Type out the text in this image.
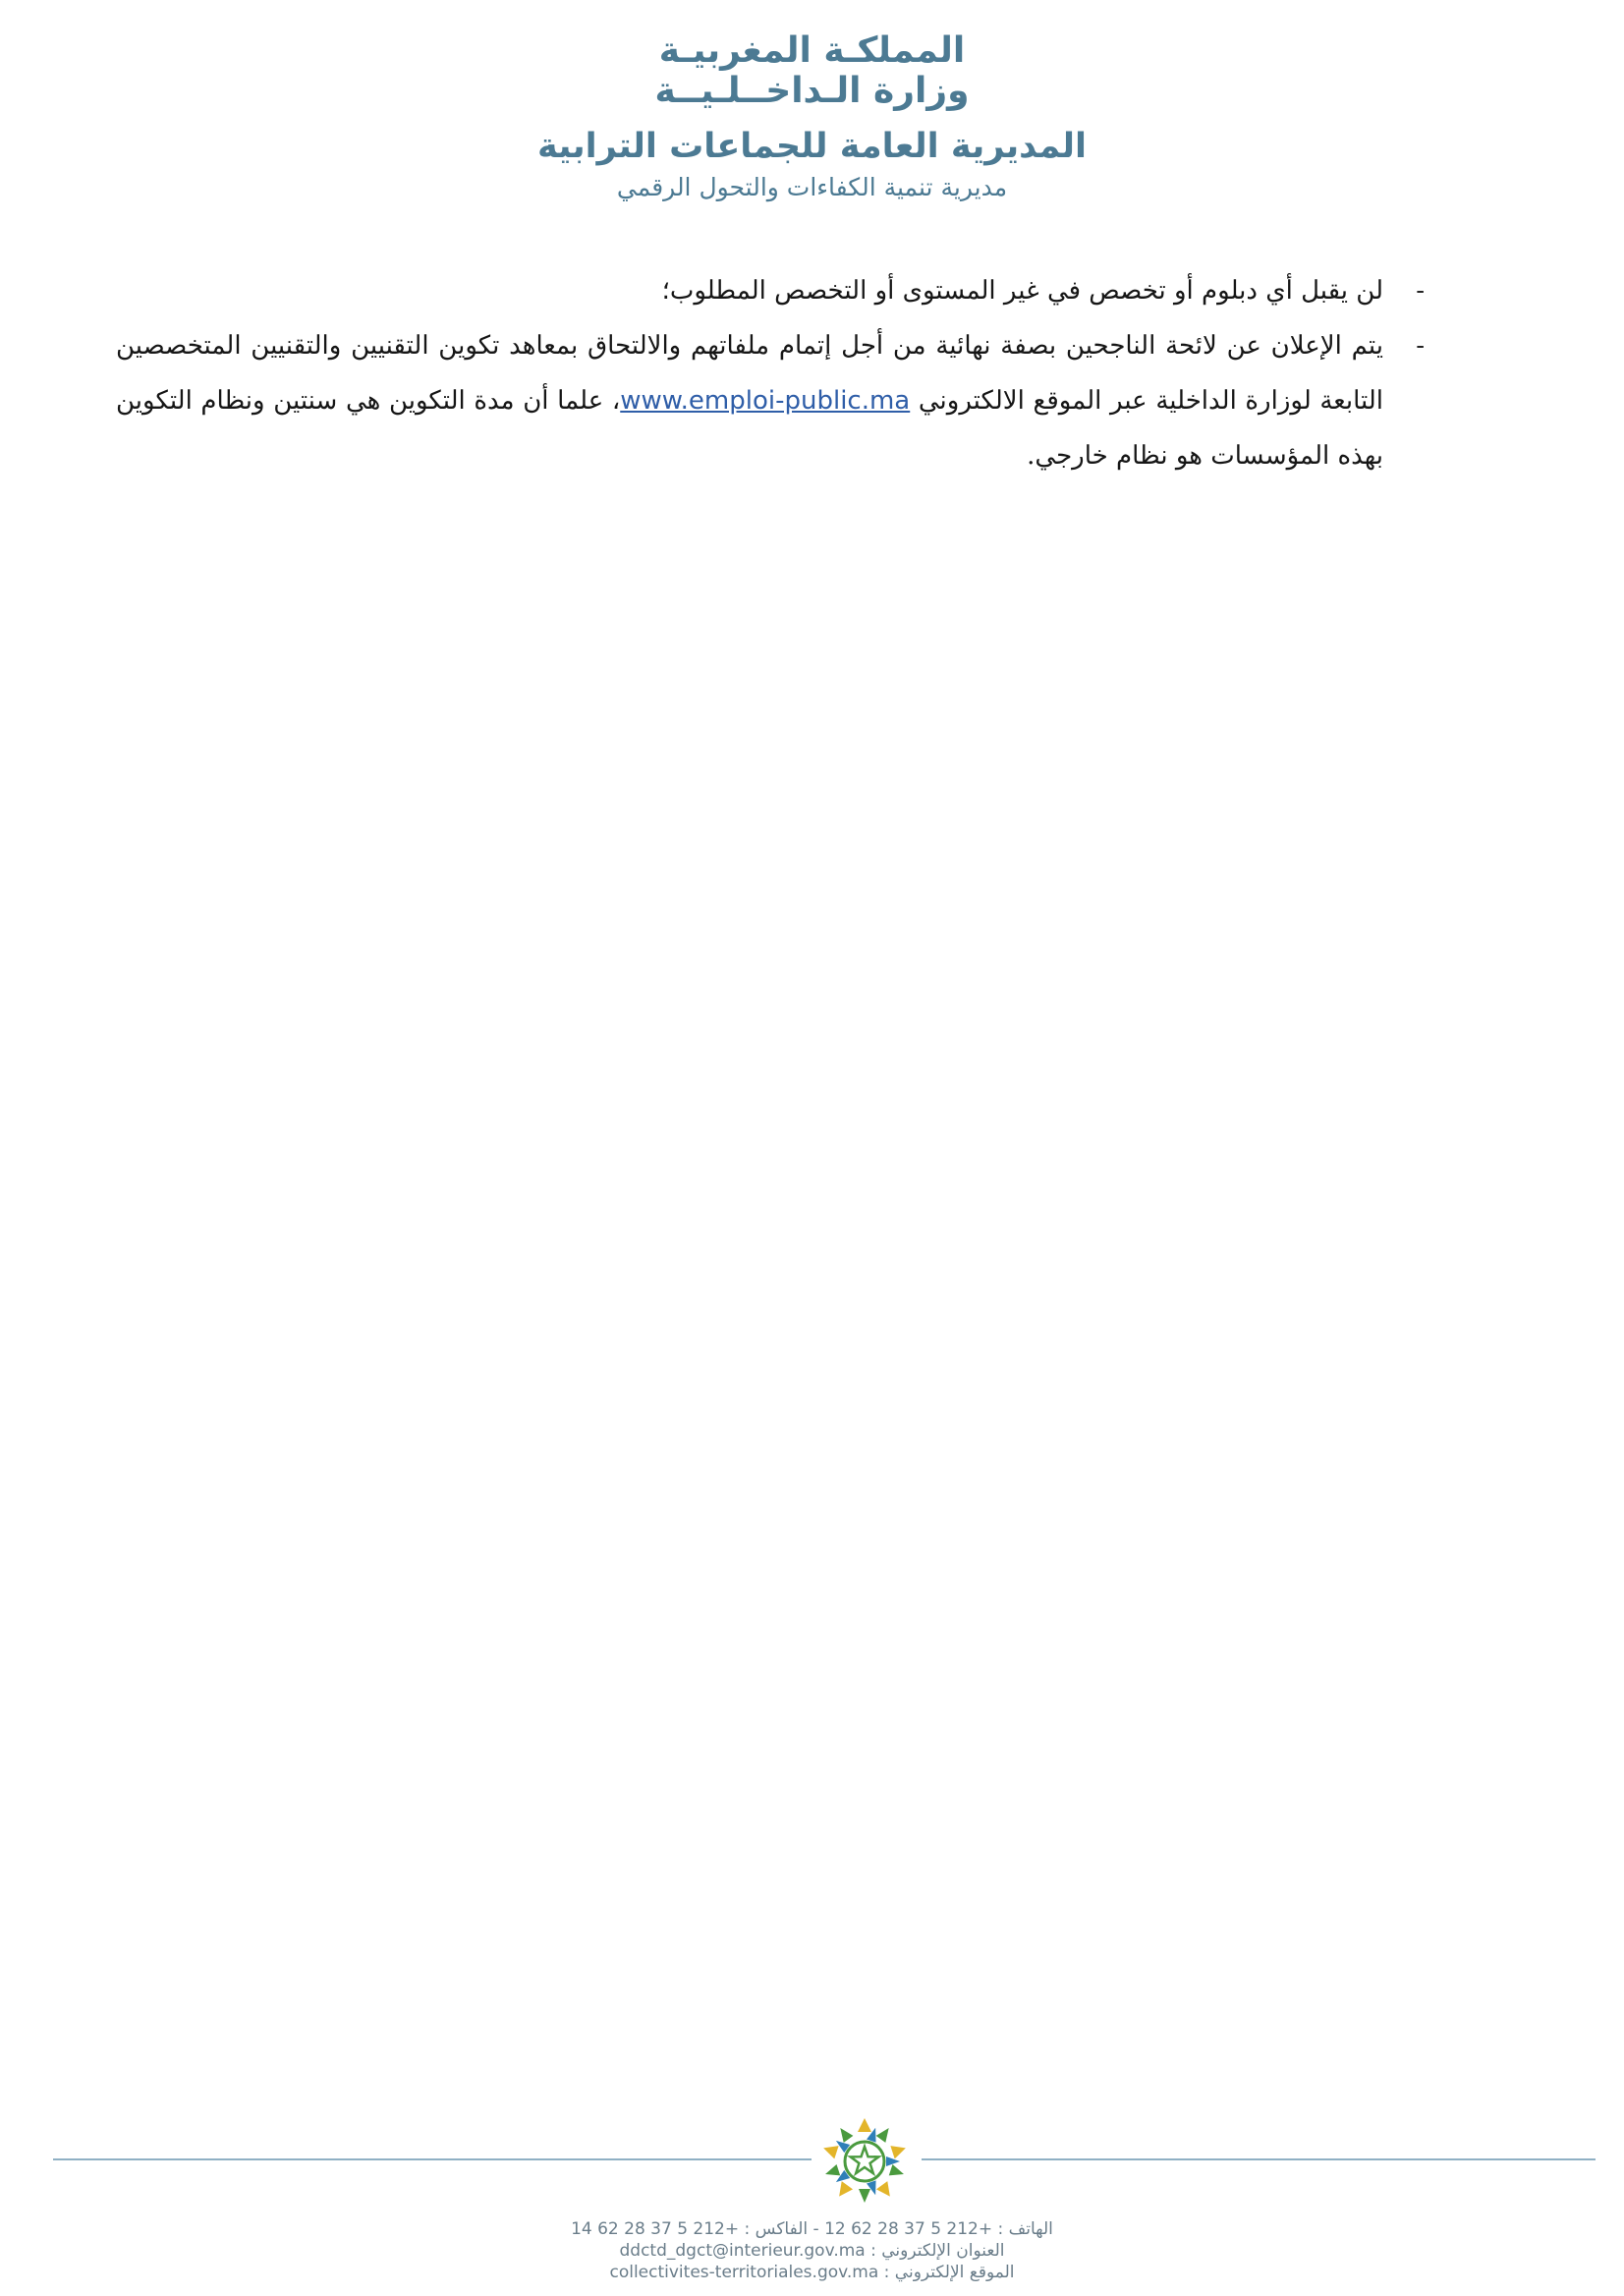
المملكـة المغربيـة
وزارة الـداخــلـيــة
المديرية العامة للجماعات الترابية
مديرية تنمية الكفاءات والتحول الرقمي
-
لن يقبل أي دبلوم أو تخصص في غير المستوى أو التخصص المطلوب؛
-
يتم الإعلان عن لائحة الناجحين بصفة نهائية من أجل إتمام ملفاتهم والالتحاق بمعاهد تكوين التقنيين والتقنيين المتخصصين التابعة لوزارة الداخلية عبر الموقع الالكتروني www.emploi-public.ma، علما أن مدة التكوين هي سنتين ونظام التكوين بهذه المؤسسات هو نظام خارجي.
الهاتف : 12 62 28 37 5 212+ - الفاكس : 14 62 28 37 5 212+
العنوان الإلكتروني : ddctd_dgct@interieur.gov.ma
الموقع الإلكتروني : collectivites-territoriales.gov.ma
